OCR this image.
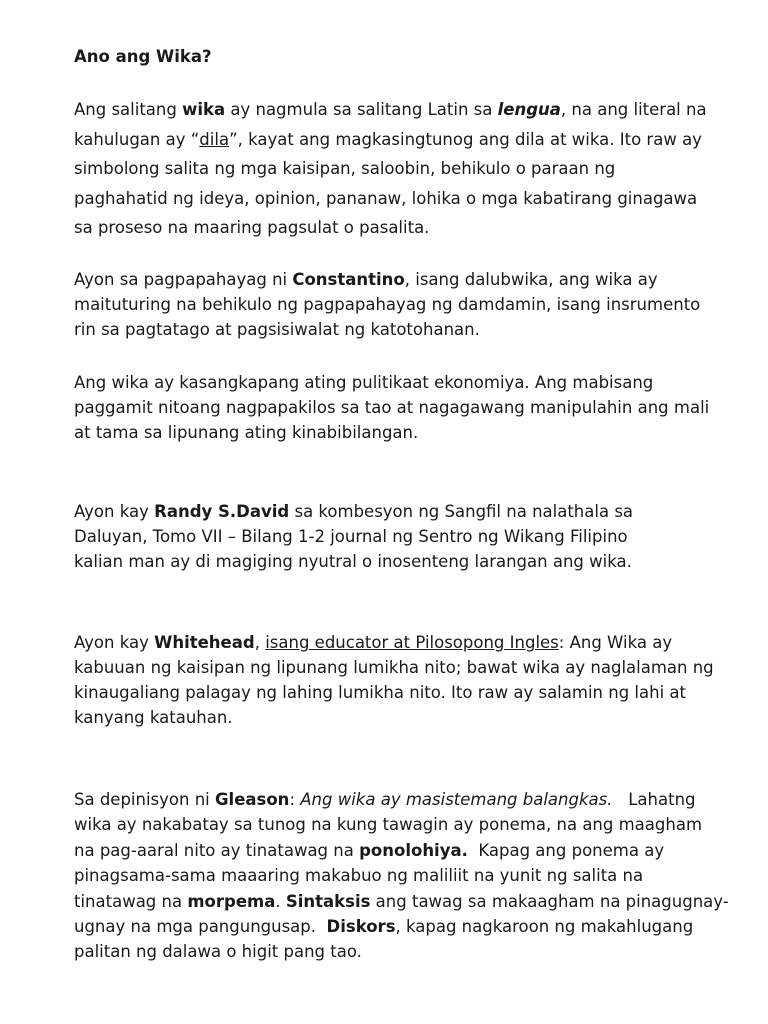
Ano ang Wika?

Ang salitang wika ay nagmula sa salitang Latin sa lengua, na ang literal na
kahulugan ay “dila”, kayat ang magkasingtunog ang dila at wika. Ito raw ay
simbolong salita ng mga kaisipan, saloobin, behikulo o paraan ng
paghahatid ng ideya, opinion, pananaw, lohika o mga kabatirang ginagawa
sa proseso na maaring pagsulat o pasalita.

Ayon sa pagpapahayag ni Constantino, isang dalubwika, ang wika ay
maituturing na behikulo ng pagpapahayag ng damdamin, isang insrumento
rin sa pagtatago at pagsisiwalat ng katotohanan.

Ang wika ay kasangkapang ating pulitikaat ekonomiya. Ang mabisang
paggamit nitoang nagpapakilos sa tao at nagagawang manipulahin ang mali
at tama sa lipunang ating kinabibilangan.

Ayon kay Randy S.David sa kombesyon ng Sangfil na nalathala sa
Daluyan, Tomo VII – Bilang 1-2 journal ng Sentro ng Wikang Filipino
kalian man ay di magiging nyutral o inosenteng larangan ang wika.

Ayon kay Whitehead, isang educator at Pilosopong Ingles: Ang Wika ay
kabuuan ng kaisipan ng lipunang lumikha nito; bawat wika ay naglalaman ng
kinaugaliang palagay ng lahing lumikha nito. Ito raw ay salamin ng lahi at
kanyang katauhan.

Sa depinisyon ni Gleason: Ang wika ay masistemang balangkas.   Lahatng
wika ay nakabatay sa tunog na kung tawagin ay ponema, na ang maagham
na pag-aaral nito ay tinatawag na ponolohiya.  Kapag ang ponema ay
pinagsama-sama maaaring makabuo ng maliliit na yunit ng salita na
tinatawag na morpema. Sintaksis ang tawag sa makaagham na pinagugnay-
ugnay na mga pangungusap.  Diskors, kapag nagkaroon ng makahlugang
palitan ng dalawa o higit pang tao.
